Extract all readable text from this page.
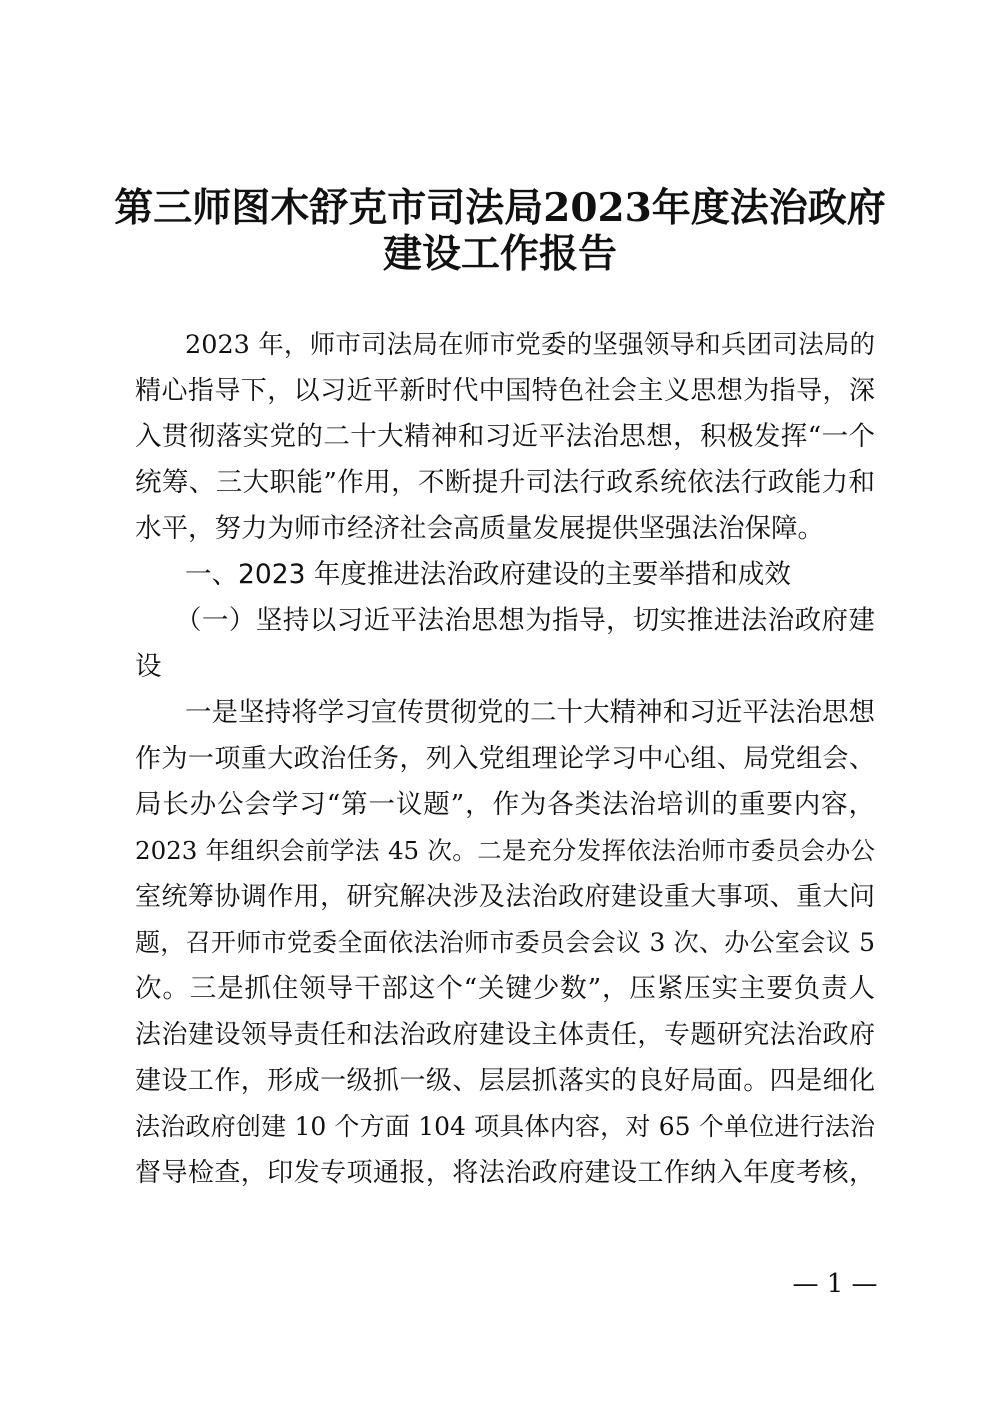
第三师图木舒克市司法局2023年度法治政府
建设工作报告

2023 年，师市司法局在师市党委的坚强领导和兵团司法局的

精心指导下，以习近平新时代中国特色社会主义思想为指导，深

入贯彻落实党的二十大精神和习近平法治思想，积极发挥“一个

统筹、三大职能”作用，不断提升司法行政系统依法行政能力和

水平，努力为师市经济社会高质量发展提供坚强法治保障。

一、2023 年度推进法治政府建设的主要举措和成效

（一）坚持以习近平法治思想为指导，切实推进法治政府建

设

一是坚持将学习宣传贯彻党的二十大精神和习近平法治思想

作为一项重大政治任务，列入党组理论学习中心组、局党组会、

局长办公会学习“第一议题”，作为各类法治培训的重要内容，

2023 年组织会前学法 45 次。二是充分发挥依法治师市委员会办公

室统筹协调作用，研究解决涉及法治政府建设重大事项、重大问

题，召开师市党委全面依法治师市委员会会议 3 次、办公室会议 5

次。三是抓住领导干部这个“关键少数”，压紧压实主要负责人

法治建设领导责任和法治政府建设主体责任，专题研究法治政府

建设工作，形成一级抓一级、层层抓落实的良好局面。四是细化

法治政府创建 10 个方面 104 项具体内容，对 65 个单位进行法治

督导检查，印发专项通报，将法治政府建设工作纳入年度考核，

— 1 —
